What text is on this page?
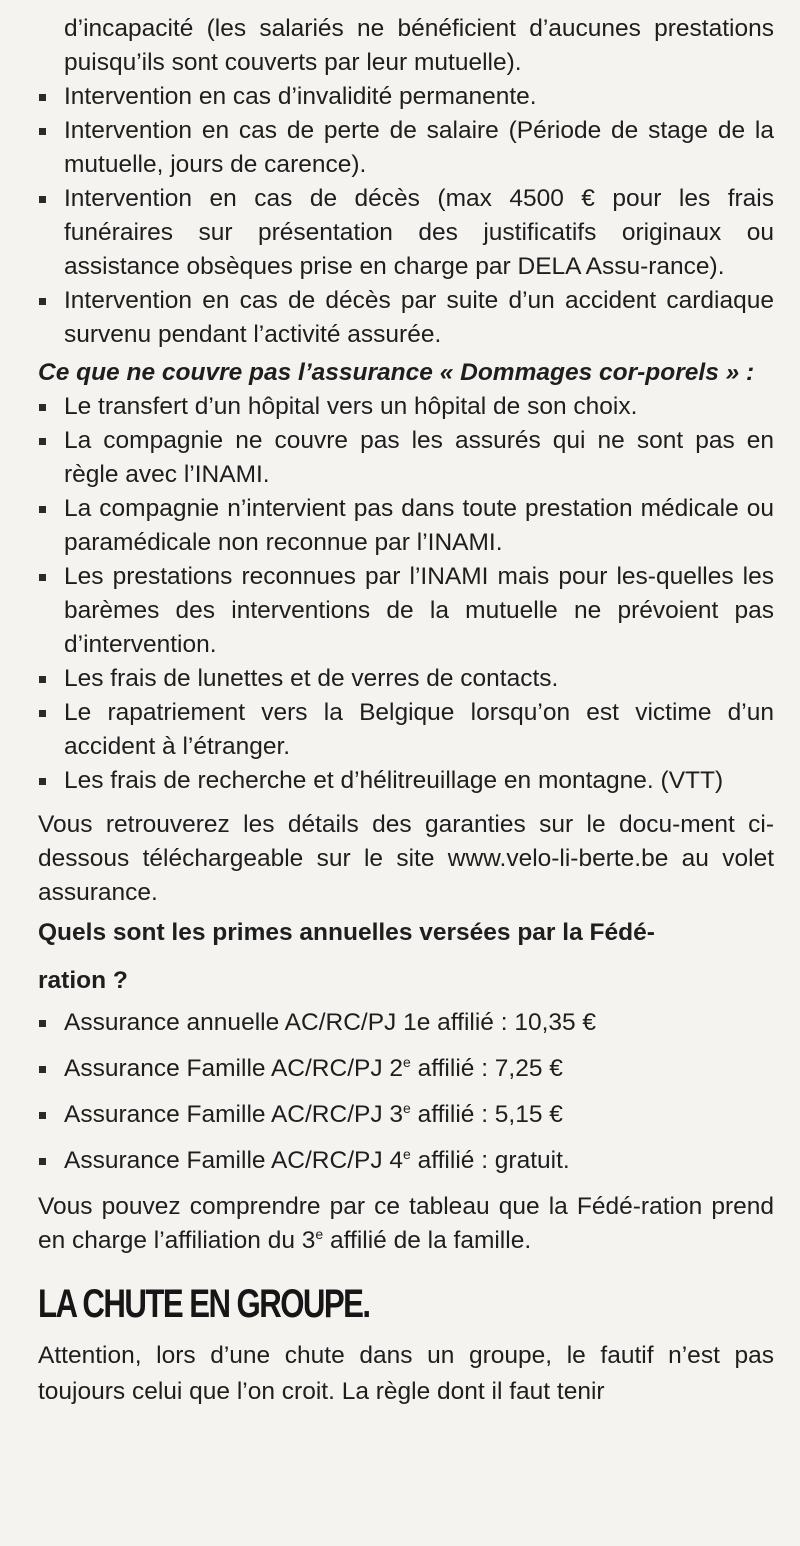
d’incapacité (les salariés ne bénéficient d’aucunes prestations puisqu’ils sont couverts par leur mutuelle).
Intervention en cas d’invalidité permanente.
Intervention en cas de perte de salaire (Période de stage de la mutuelle, jours de carence).
Intervention en cas de décès (max 4500 € pour les frais funéraires sur présentation des justificatifs originaux ou assistance obsèques prise en charge par DELA Assu-rance).
Intervention en cas de décès par suite d’un accident cardiaque survenu pendant l’activité assurée.
Ce que ne couvre pas l’assurance « Dommages cor-porels » :
Le transfert d’un hôpital vers un hôpital de son choix.
La compagnie ne couvre pas les assurés qui ne sont pas en règle avec l’INAMI.
La compagnie n’intervient pas dans toute prestation médicale ou paramédicale non reconnue par l’INAMI.
Les prestations reconnues par l’INAMI mais pour les-quelles les barèmes des interventions de la mutuelle ne prévoient pas d’intervention.
Les frais de lunettes et de verres de contacts.
Le rapatriement vers la Belgique lorsqu’on est victime d’un accident à l’étranger.
Les frais de recherche et d’hélitreuillage en montagne. (VTT)
Vous retrouverez les détails des garanties sur le docu-ment ci-dessous téléchargeable sur le site www.velo-li-berte.be au volet assurance.
Quels sont les primes annuelles versées par la Fédé-
ration ?
Assurance annuelle AC/RC/PJ 1e affilié : 10,35 €
Assurance Famille AC/RC/PJ 2e affilié : 7,25 €
Assurance Famille AC/RC/PJ 3e affilié : 5,15 €
Assurance Famille AC/RC/PJ 4e affilié : gratuit.
Vous pouvez comprendre par ce tableau que la Fédé-ration prend en charge l’affiliation du 3e affilié de la famille.
LA CHUTE EN GROUPE.
Attention, lors d’une chute dans un groupe, le fautif n’est pas toujours celui que l’on croit. La règle dont il faut tenir
